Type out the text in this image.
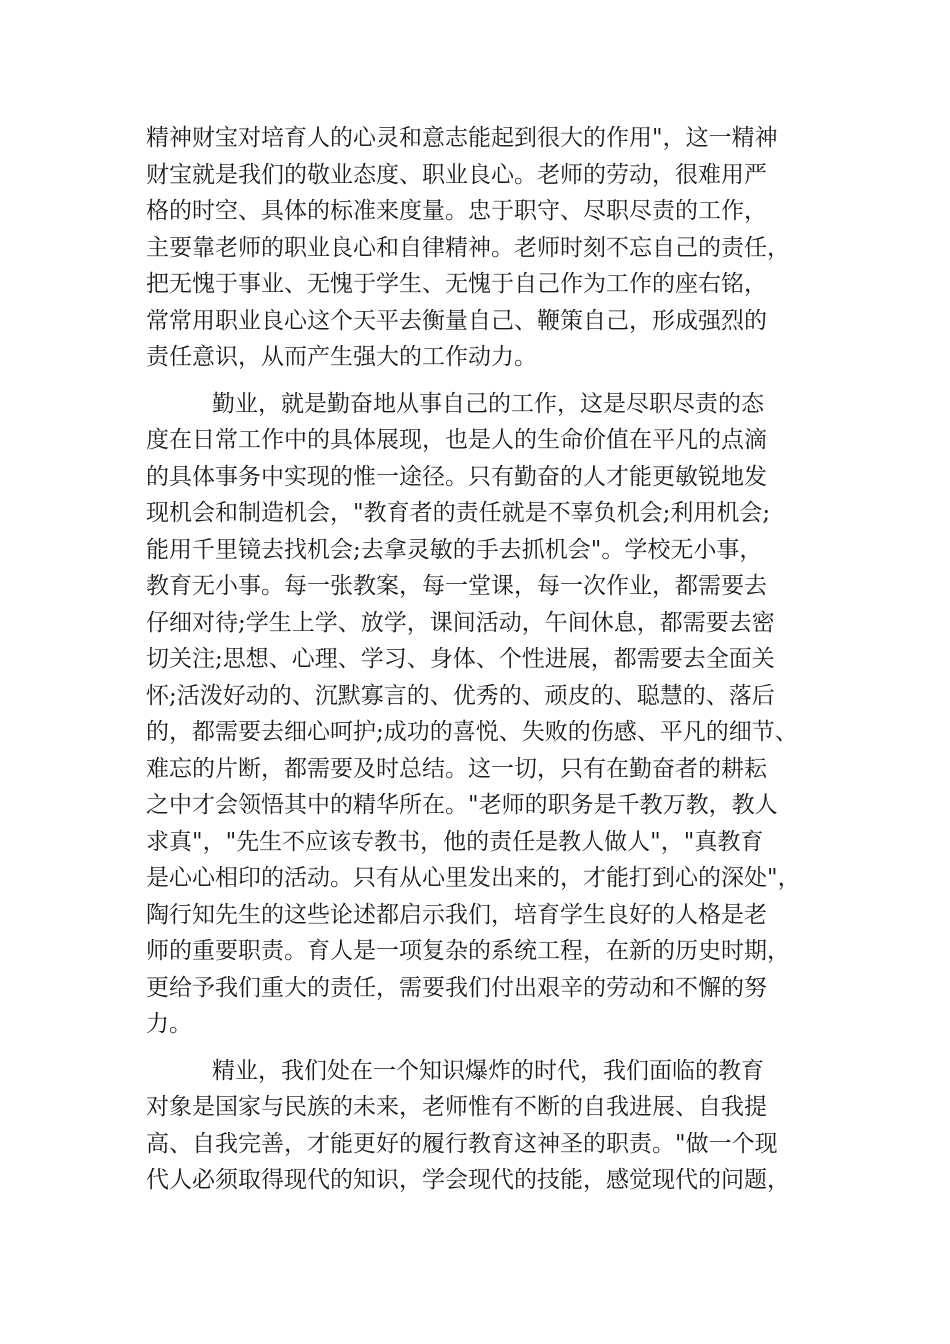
精神财宝对培育人的心灵和意志能起到很大的作用"，这一精神
财宝就是我们的敬业态度、职业良心。老师的劳动，很难用严
格的时空、具体的标准来度量。忠于职守、尽职尽责的工作，
主要靠老师的职业良心和自律精神。老师时刻不忘自己的责任，
把无愧于事业、无愧于学生、无愧于自己作为工作的座右铭，
常常用职业良心这个天平去衡量自己、鞭策自己，形成强烈的
责任意识，从而产生强大的工作动力。
勤业，就是勤奋地从事自己的工作，这是尽职尽责的态
度在日常工作中的具体展现，也是人的生命价值在平凡的点滴
的具体事务中实现的惟一途径。只有勤奋的人才能更敏锐地发
现机会和制造机会，"教育者的责任就是不辜负机会;利用机会;
能用千里镜去找机会;去拿灵敏的手去抓机会"。学校无小事，
教育无小事。每一张教案，每一堂课，每一次作业，都需要去
仔细对待;学生上学、放学，课间活动，午间休息，都需要去密
切关注;思想、心理、学习、身体、个性进展，都需要去全面关
怀;活泼好动的、沉默寡言的、优秀的、顽皮的、聪慧的、落后
的，都需要去细心呵护;成功的喜悦、失败的伤感、平凡的细节、
难忘的片断，都需要及时总结。这一切，只有在勤奋者的耕耘
之中才会领悟其中的精华所在。"老师的职务是千教万教，教人
求真"，"先生不应该专教书，他的责任是教人做人"，"真教育
是心心相印的活动。只有从心里发出来的，才能打到心的深处"，
陶行知先生的这些论述都启示我们，培育学生良好的人格是老
师的重要职责。育人是一项复杂的系统工程，在新的历史时期，
更给予我们重大的责任，需要我们付出艰辛的劳动和不懈的努
力。
精业，我们处在一个知识爆炸的时代，我们面临的教育
对象是国家与民族的未来，老师惟有不断的自我进展、自我提
高、自我完善，才能更好的履行教育这神圣的职责。"做一个现
代人必须取得现代的知识，学会现代的技能，感觉现代的问题，
